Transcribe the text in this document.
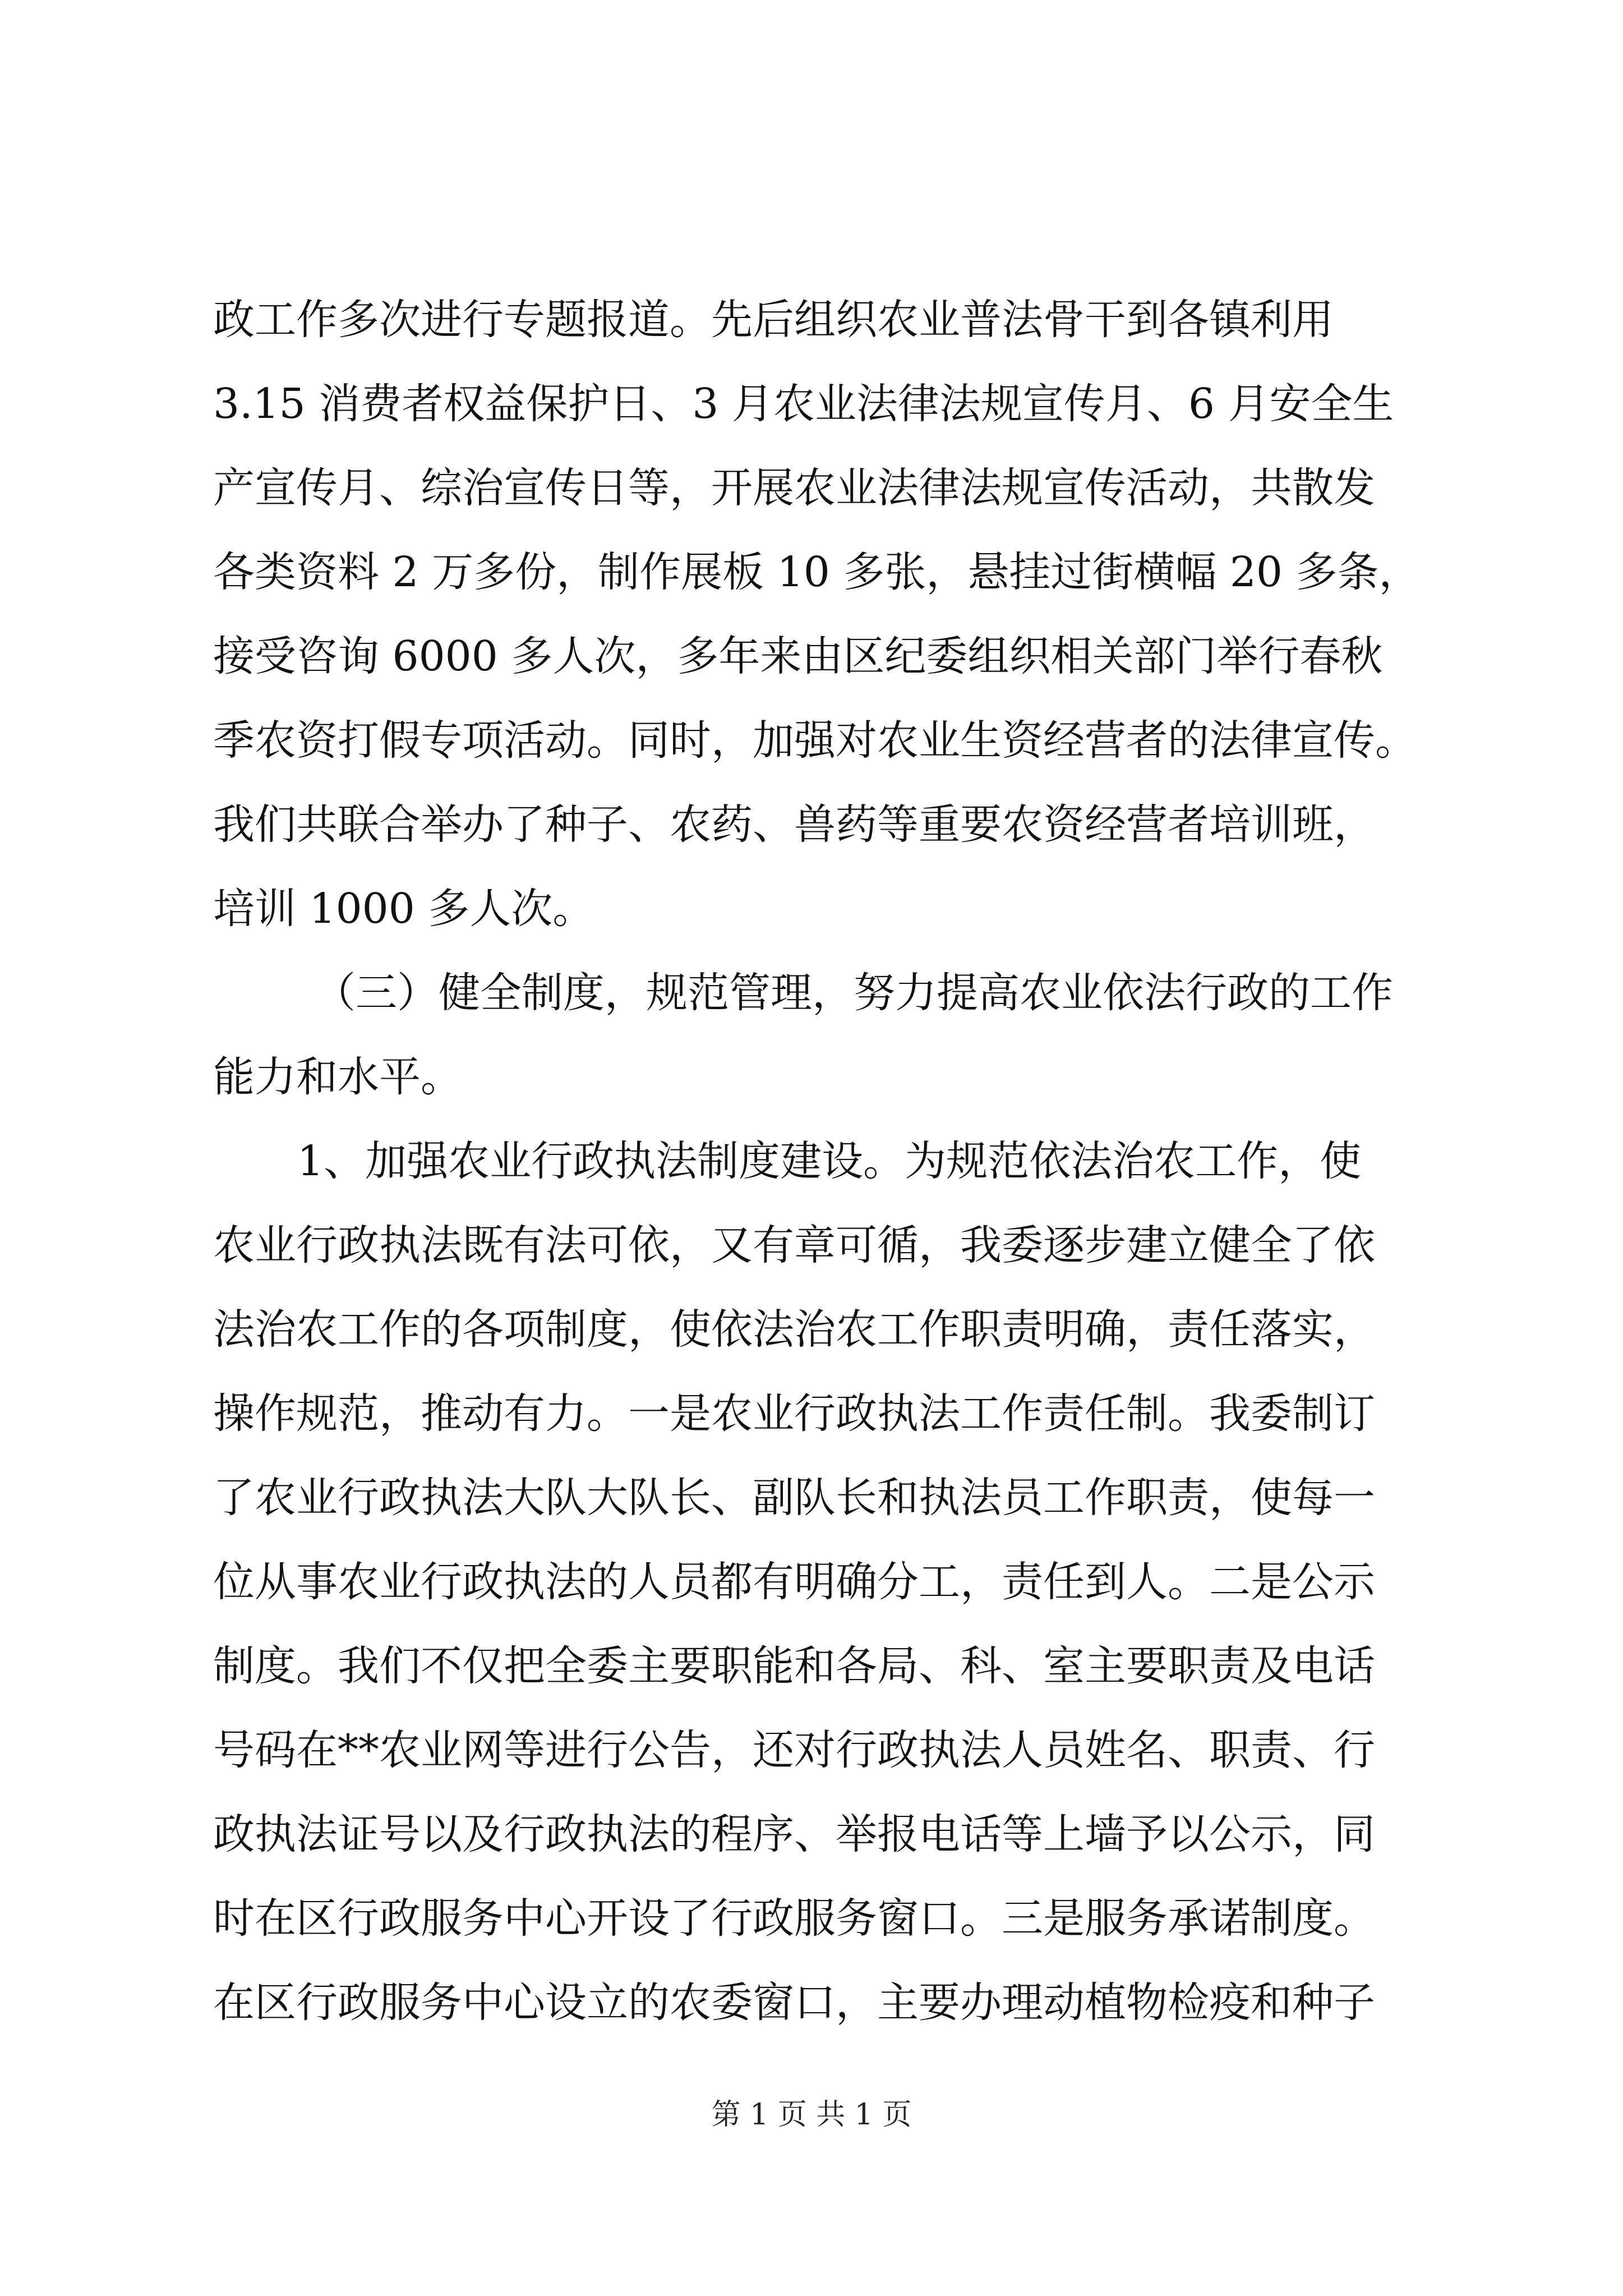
政工作多次进行专题报道。先后组织农业普法骨干到各镇利用
3.15 消费者权益保护日、3 月农业法律法规宣传月、6 月安全生
产宣传月、综治宣传日等，开展农业法律法规宣传活动，共散发
各类资料 2 万多份，制作展板 10 多张，悬挂过街横幅 20 多条，
接受咨询 6000 多人次，多年来由区纪委组织相关部门举行春秋
季农资打假专项活动。同时，加强对农业生资经营者的法律宣传。
我们共联合举办了种子、农药、兽药等重要农资经营者培训班，
培训 1000 多人次。
（三）健全制度，规范管理，努力提高农业依法行政的工作
能力和水平。
1、加强农业行政执法制度建设。为规范依法治农工作，使
农业行政执法既有法可依，又有章可循，我委逐步建立健全了依
法治农工作的各项制度，使依法治农工作职责明确，责任落实，
操作规范，推动有力。一是农业行政执法工作责任制。我委制订
了农业行政执法大队大队长、副队长和执法员工作职责，使每一
位从事农业行政执法的人员都有明确分工，责任到人。二是公示
制度。我们不仅把全委主要职能和各局、科、室主要职责及电话
号码在**农业网等进行公告，还对行政执法人员姓名、职责、行
政执法证号以及行政执法的程序、举报电话等上墙予以公示，同
时在区行政服务中心开设了行政服务窗口。三是服务承诺制度。
在区行政服务中心设立的农委窗口，主要办理动植物检疫和种子
第 1 页 共 1 页
